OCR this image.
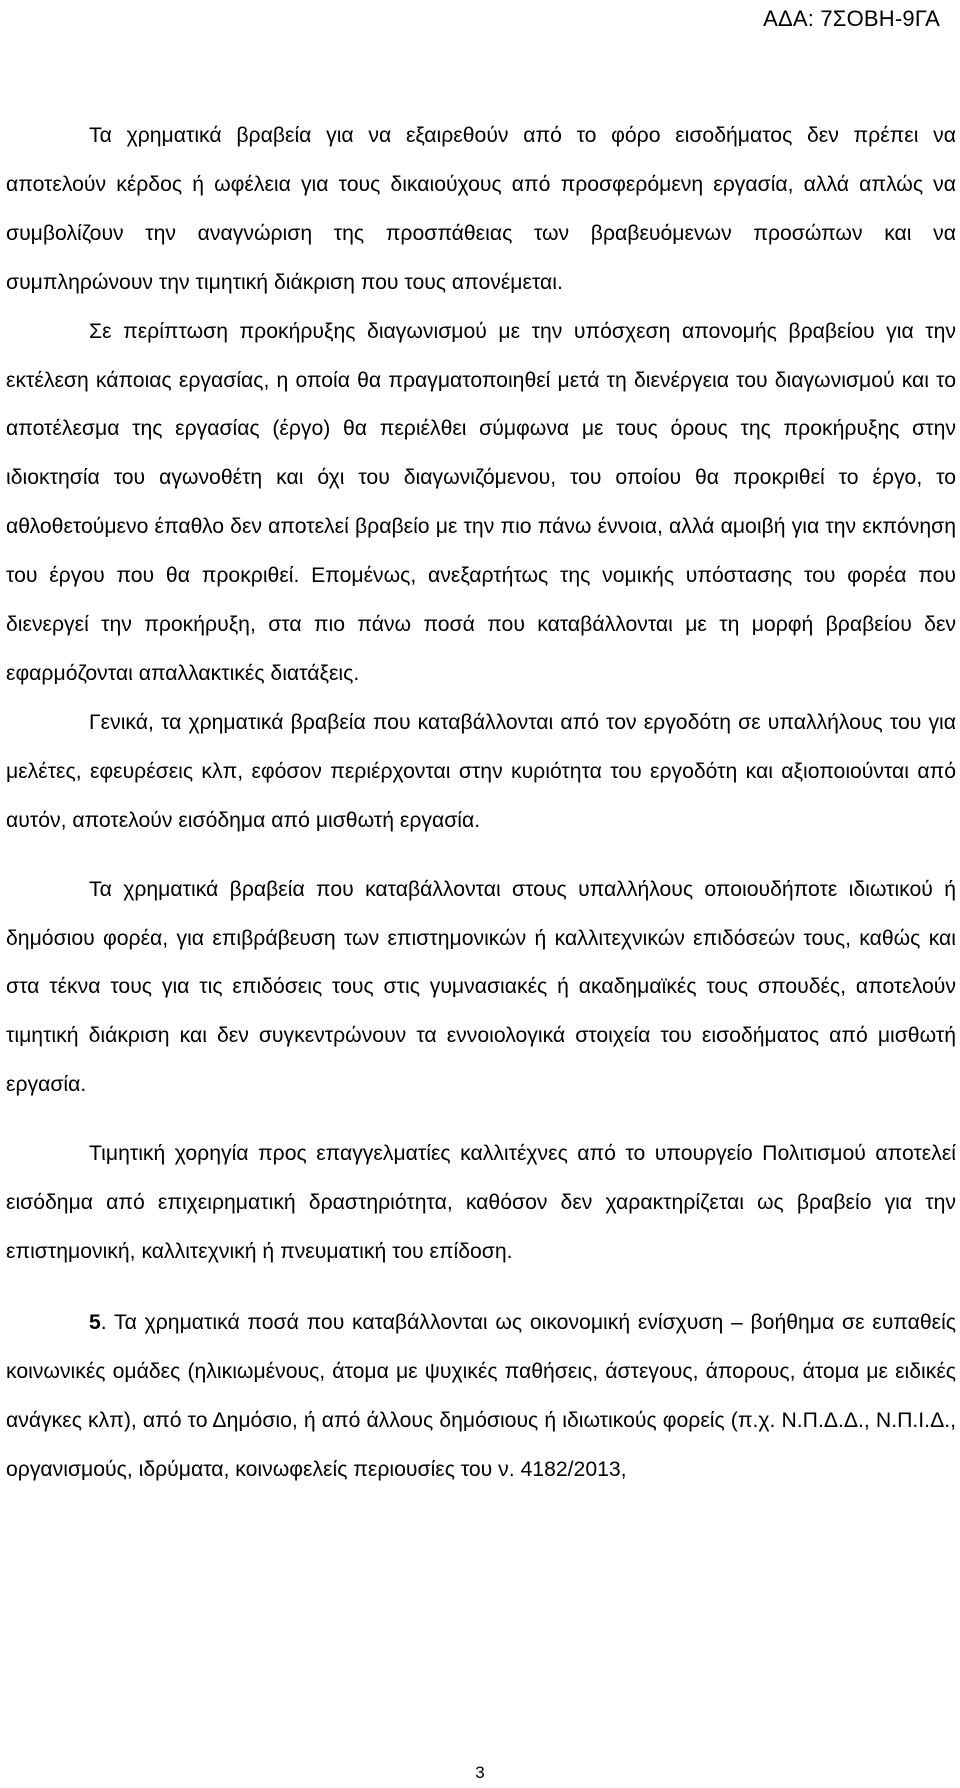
ΑΔΑ: 7ΣΟΒΗ-9ΓΑ

Τα χρηματικά βραβεία για να εξαιρεθούν από το φόρο εισοδήματος δεν πρέπει να αποτελούν κέρδος ή ωφέλεια για τους δικαιούχους από προσφερόμενη εργασία, αλλά απλώς να συμβολίζουν την αναγνώριση της προσπάθειας των βραβευόμενων προσώπων και να συμπληρώνουν την τιμητική διάκριση που τους απονέμεται.

Σε περίπτωση προκήρυξης διαγωνισμού με την υπόσχεση απονομής βραβείου για την εκτέλεση κάποιας εργασίας, η οποία θα πραγματοποιηθεί μετά τη διενέργεια του διαγωνισμού και το αποτέλεσμα της εργασίας (έργο) θα περιέλθει σύμφωνα με τους όρους της προκήρυξης στην ιδιοκτησία του αγωνοθέτη και όχι του διαγωνιζόμενου, του οποίου θα προκριθεί το έργο, το αθλοθετούμενο έπαθλο δεν αποτελεί βραβείο με την πιο πάνω έννοια, αλλά αμοιβή για την εκπόνηση του έργου που θα προκριθεί. Επομένως, ανεξαρτήτως της νομικής υπόστασης του φορέα που διενεργεί την προκήρυξη, στα πιο πάνω ποσά που καταβάλλονται με τη μορφή βραβείου δεν εφαρμόζονται απαλλακτικές διατάξεις.

Γενικά, τα χρηματικά βραβεία που καταβάλλονται από τον εργοδότη σε υπαλλήλους του για μελέτες, εφευρέσεις κλπ, εφόσον περιέρχονται στην κυριότητα του εργοδότη και αξιοποιούνται από αυτόν, αποτελούν εισόδημα από μισθωτή εργασία.

Τα χρηματικά βραβεία που καταβάλλονται στους υπαλλήλους οποιουδήποτε ιδιωτικού ή δημόσιου φορέα, για επιβράβευση των επιστημονικών ή καλλιτεχνικών επιδόσεών τους, καθώς και στα τέκνα τους για τις επιδόσεις τους στις γυμνασιακές ή ακαδημαϊκές τους σπουδές, αποτελούν τιμητική διάκριση και δεν συγκεντρώνουν τα εννοιολογικά στοιχεία του εισοδήματος από μισθωτή εργασία.

Τιμητική χορηγία προς επαγγελματίες καλλιτέχνες από το υπουργείο Πολιτισμού αποτελεί εισόδημα από επιχειρηματική δραστηριότητα, καθόσον δεν χαρακτηρίζεται ως βραβείο για την επιστημονική, καλλιτεχνική ή πνευματική του επίδοση.

5. Τα χρηματικά ποσά που καταβάλλονται ως οικονομική ενίσχυση – βοήθημα σε ευπαθείς κοινωνικές ομάδες (ηλικιωμένους, άτομα με ψυχικές παθήσεις, άστεγους, άπορους, άτομα με ειδικές ανάγκες κλπ), από το Δημόσιο, ή από άλλους δημόσιους ή ιδιωτικούς φορείς (π.χ. Ν.Π.Δ.Δ., Ν.Π.Ι.Δ., οργανισμούς, ιδρύματα, κοινωφελείς περιουσίες του ν. 4182/2013,

3
